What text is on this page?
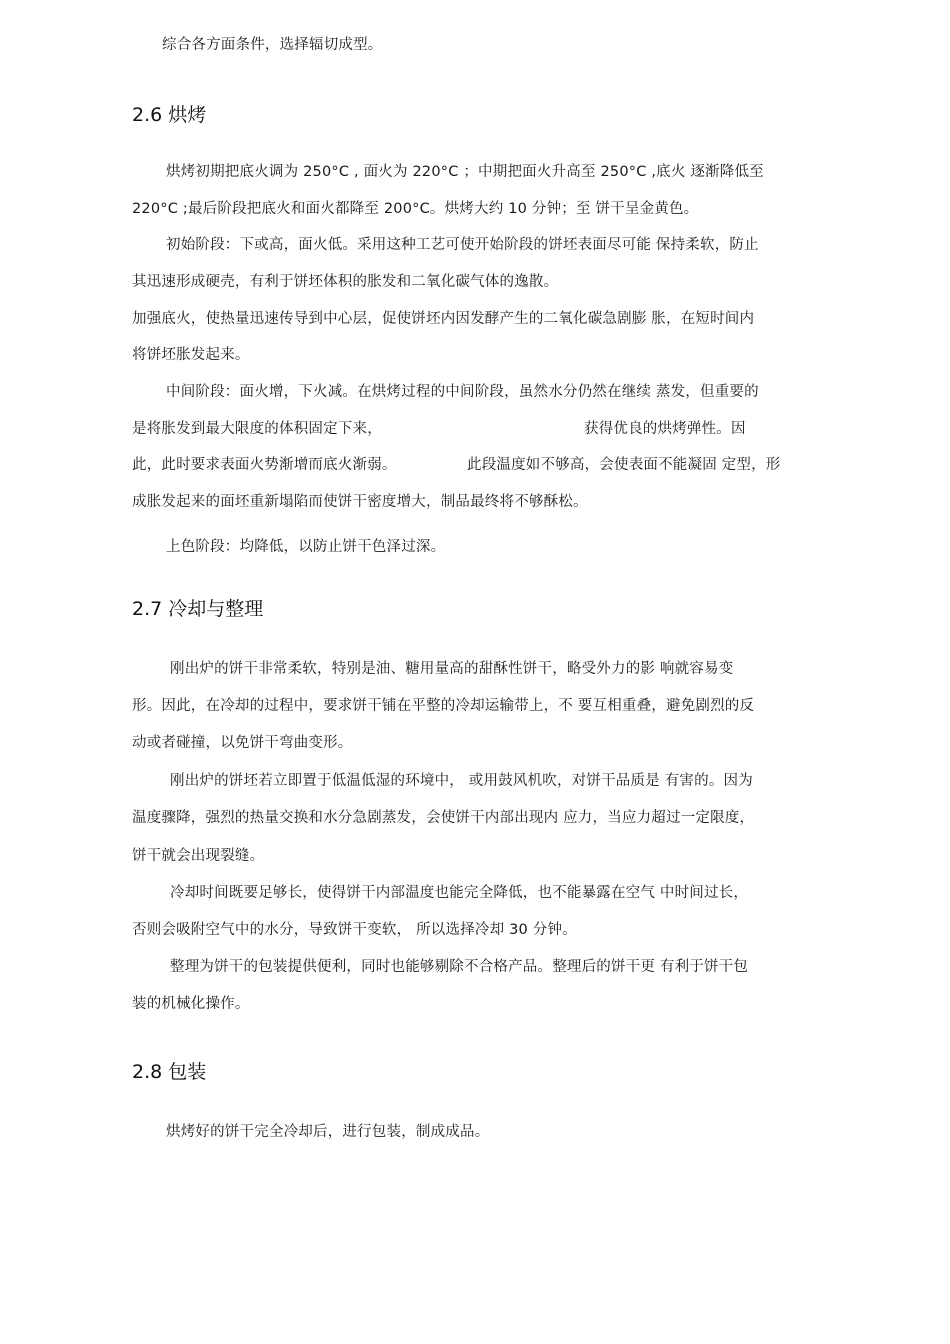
综合各方面条件，选择辐切成型。
2.6 烘烤
烘烤初期把底火调为 250°C , 面火为 220°C ；中期把面火升高至 250°C ,底火 逐渐降低至
220°C ;最后阶段把底火和面火都降至 200°C。烘烤大约 10 分钟；至 饼干呈金黄色。
初始阶段：下或高，面火低。采用这种工艺可使开始阶段的饼坯表面尽可能 保持柔软，防止
其迅速形成硬壳，有利于饼坯体积的胀发和二氧化碳气体的逸散。
加强底火，使热量迅速传导到中心层，促使饼坯内因发酵产生的二氧化碳急剧膨 胀，在短时间内
将饼坯胀发起来。
中间阶段：面火增，下火减。在烘烤过程的中间阶段，虽然水分仍然在继续 蒸发，但重要的
是将胀发到最大限度的体积固定下来，	获得优良的烘烤弹性。因
此，此时要求表面火势渐增而底火渐弱。	此段温度如不够高，会使表面不能凝固 定型，形
成胀发起来的面坯重新塌陷而使饼干密度增大，制品最终将不够酥松。
上色阶段：均降低，以防止饼干色泽过深。
2.7 冷却与整理
刚出炉的饼干非常柔软，特别是油、糖用量高的甜酥性饼干，略受外力的影 响就容易变
形。因此，在冷却的过程中，要求饼干铺在平整的冷却运输带上，不 要互相重叠，避免剧烈的反
动或者碰撞，以免饼干弯曲变形。
刚出炉的饼坯若立即置于低温低湿的环境中， 或用鼓风机吹，对饼干品质是 有害的。因为
温度骤降，强烈的热量交换和水分急剧蒸发，会使饼干内部出现内 应力，当应力超过一定限度，
饼干就会出现裂缝。
冷却时间既要足够长，使得饼干内部温度也能完全降低，也不能暴露在空气 中时间过长，
否则会吸附空气中的水分，导致饼干变软， 所以选择冷却 30 分钟。
整理为饼干的包装提供便利，同时也能够剔除不合格产品。整理后的饼干更 有利于饼干包
装的机械化操作。
2.8 包装
烘烤好的饼干完全冷却后，进行包装，制成成品。
